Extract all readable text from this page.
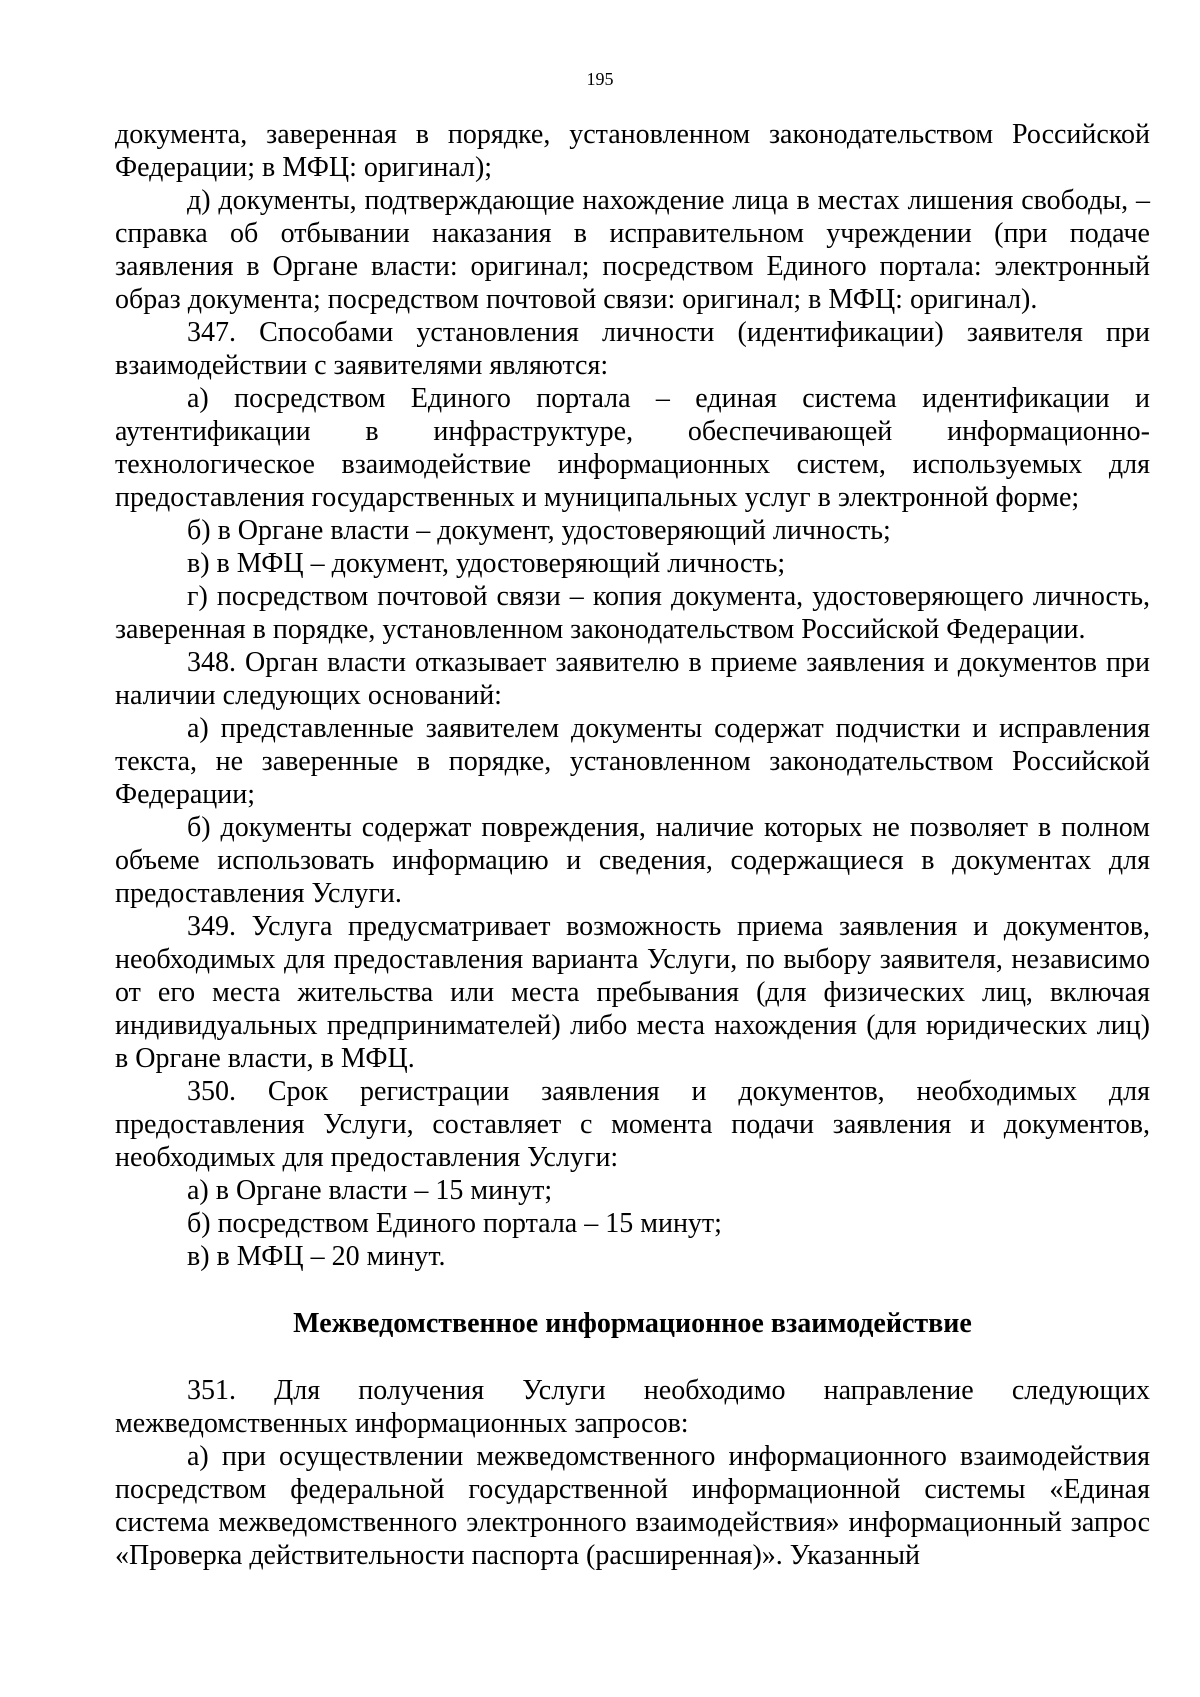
195

документа, заверенная в порядке, установленном законодательством Российской Федерации; в МФЦ: оригинал);

д) документы, подтверждающие нахождение лица в местах лишения свободы, – справка об отбывании наказания в исправительном учреждении (при подаче заявления в Органе власти: оригинал; посредством Единого портала: электронный образ документа; посредством почтовой связи: оригинал; в МФЦ: оригинал).

347. Способами установления личности (идентификации) заявителя при взаимодействии с заявителями являются:

а) посредством Единого портала – единая система идентификации и аутентификации в инфраструктуре, обеспечивающей информационно-технологическое взаимодействие информационных систем, используемых для предоставления государственных и муниципальных услуг в электронной форме;

б) в Органе власти – документ, удостоверяющий личность;

в) в МФЦ – документ, удостоверяющий личность;

г) посредством почтовой связи – копия документа, удостоверяющего личность, заверенная в порядке, установленном законодательством Российской Федерации.

348. Орган власти отказывает заявителю в приеме заявления и документов при наличии следующих оснований:

а) представленные заявителем документы содержат подчистки и исправления текста, не заверенные в порядке, установленном законодательством Российской Федерации;

б) документы содержат повреждения, наличие которых не позволяет в полном объеме использовать информацию и сведения, содержащиеся в документах для предоставления Услуги.

349. Услуга предусматривает возможность приема заявления и документов, необходимых для предоставления варианта Услуги, по выбору заявителя, независимо от его места жительства или места пребывания (для физических лиц, включая индивидуальных предпринимателей) либо места нахождения (для юридических лиц) в Органе власти, в МФЦ.

350. Срок регистрации заявления и документов, необходимых для предоставления Услуги, составляет с момента подачи заявления и документов, необходимых для предоставления Услуги:

а) в Органе власти – 15 минут;

б) посредством Единого портала – 15 минут;

в) в МФЦ – 20 минут.

Межведомственное информационное взаимодействие

351. Для получения Услуги необходимо направление следующих межведомственных информационных запросов:

а) при осуществлении межведомственного информационного взаимодействия посредством федеральной государственной информационной системы «Единая система межведомственного электронного взаимодействия» информационный запрос «Проверка действительности паспорта (расширенная)». Указанный
